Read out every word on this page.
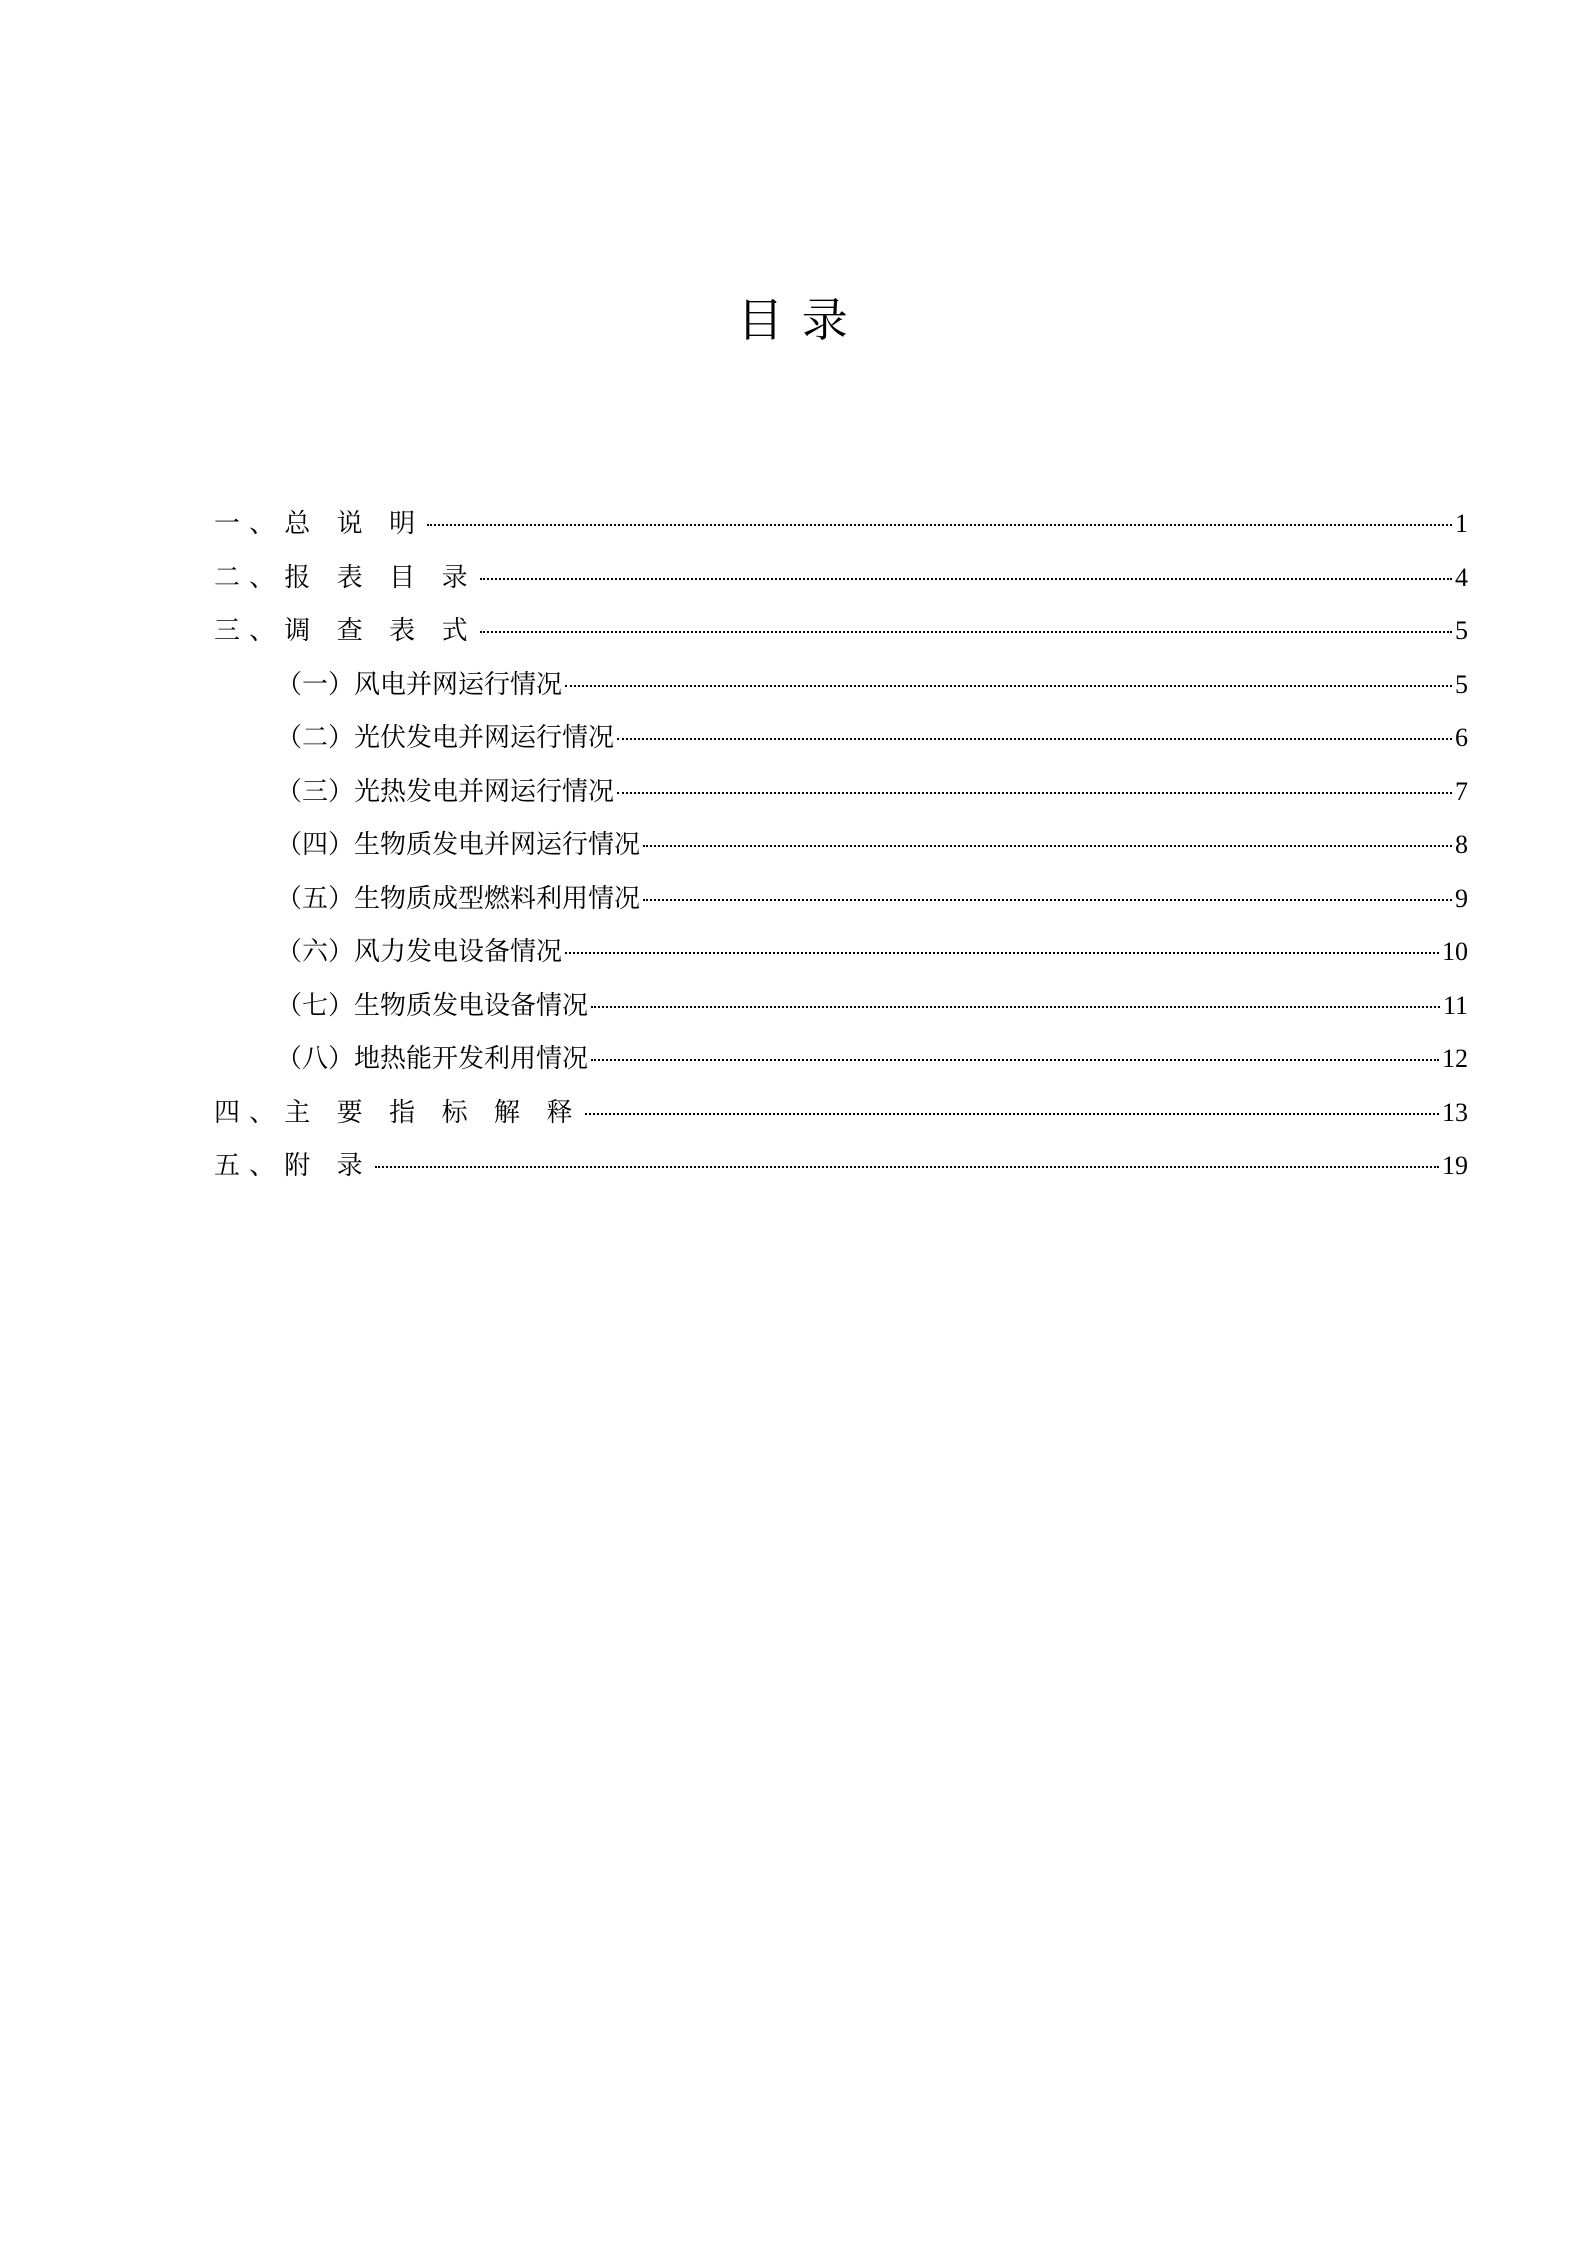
目 录
一、总 说 明	1
二、报 表 目 录	4
三、调 查 表 式	5
（一）风电并网运行情况	5
（二）光伏发电并网运行情况	6
（三）光热发电并网运行情况	7
（四）生物质发电并网运行情况	8
（五）生物质成型燃料利用情况	9
（六）风力发电设备情况	10
（七）生物质发电设备情况	11
（八）地热能开发利用情况	12
四、主 要 指 标 解 释	13
五、附 录	19
